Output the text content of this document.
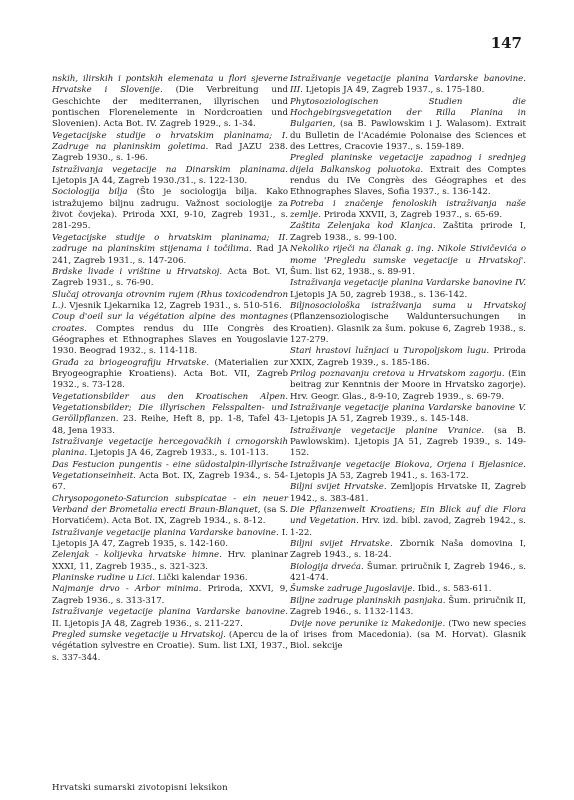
147

nskih, ilirskih i pontskih elemenata u flori sjeverne Hrvatske i Slovenije. (Die Verbreitung und Geschichte der mediterranen, illyrischen und pontischen Florenelemente in Nordcroatien und Slovenien). Acta Bot. IV. Zagreb 1929., s. 1-34.

Vegetacijske studije o hrvatskim planinama; I. Zadruge na planinskim goletima. Rad JAZU 238. Zagreb 1930., s. 1-96.

Istraživanja vegetacije na Dinarskim planinama. Ljetopis JA 44, Zagreb 1930./31., s. 122-130.

Sociologija bilja (Što je sociologija bilja. Kako istražujemo biljnu zadrugu. Važnost sociologije za život čovjeka). Priroda XXI, 9-10, Zagreb 1931., s. 281-295.

Vegetacijske studije o hrvatskim planinama; II. zadruge na planinskim stijenama i točilima. Rad JA 241, Zagreb 1931., s. 147-206.

Brdske livade i vrištine u Hrvatskoj. Acta Bot. VI, Zagreb 1931., s. 76-90.

Slučaj otrovanja otrovnim rujem (Rhus toxicodendron L.). Vjesnik Ljekarnika 12, Zagreb 1931., s. 510-516.

Coup d'oeil sur la végétation alpine des montagnes croates. Comptes rendus du IIIe Congrès des Géographes et Ethnographes Slaves en Yougoslavie 1930. Beograd 1932., s. 114-118.

Građa za briogeografiju Hrvatske. (Materialien zur Bryogeographie Kroatiens). Acta Bot. VII, Zagreb 1932., s. 73-128.

Vegetationsbilder aus den Kroatischen Alpen. Vegetationsbilder; Die illyrischen Felsspalten- und Geröllpflanzen. 23. Reihe, Heft 8, pp. 1-8, Tafel 43-48, Jena 1933.

Istraživanje vegetacije hercegovačkih i crnogorskih planina. Ljetopis JA 46, Zagreb 1933., s. 101-113.

Das Festucion pungentis - eine südostalpin-illyrische Vegetationseinheit. Acta Bot. IX, Zagreb 1934., s. 54-67.

Chrysopogoneto-Saturcion subspicatae - ein neuer Verband der Brometalia erecti Braun-Blanquet, (sa S. Horvatićem). Acta Bot. IX, Zagreb 1934., s. 8-12.

Istraživanje vegetacije planina Vardarske banovine. I. Ljetopis JA 47, Zagreb 1935, s. 142-160.

Zelenjak - kolijevka hrvatske himne. Hrv. planinar XXXI, 11, Zagreb 1935., s. 321-323.

Planinske rudine u Lici. Lički kalendar 1936.

Najmanje drvo - Arbor minima. Priroda, XXVI, 9, Zagreb 1936., s. 313-317.

Istraživanje vegetacije planina Vardarske banovine. II. Ljetopis JA 48, Zagreb 1936., s. 211-227.

Pregled sumske vegetacije u Hrvatskoj. (Apercu de la végétation sylvestre en Croatie). Sum. list LXI, 1937., s. 337-344.

Istraživanje vegetacije planina Vardarske banovine. III. Ljetopis JA 49, Zagreb 1937., s. 175-180.

Phytosoziologischen Studien die Hochgebirgsvegetation der Rilla Planina in Bulgarien, (sa B. Pawlowskim i J. Walasom). Extrait du Bulletin de l'Académie Polonaise des Sciences et des Lettres, Cracovie 1937., s. 159-189.

Pregled planinske vegetacije zapadnog i srednjeg dijela Balkanskog poluotoka. Extrait des Comptes rendus du IVe Congrès des Géographes et des Ethnographes Slaves, Sofia 1937., s. 136-142.

Potreba i značenje fenoloskih istraživanja naše zemlje. Priroda XXVII, 3, Zagreb 1937., s. 65-69.

Zaštita Zelenjaka kod Klanjca. Zaštita prirode I, Zagreb 1938., s. 99-100.

Nekoliko riječi na članak g. ing. Nikole Stivičevića o mome 'Pregledu sumske vegetacije u Hrvatskoj'. Šum. list 62, 1938., s. 89-91.

Istraživanja vegetacije planina Vardarske banovine IV. Ljetopis JA 50, zagreb 1938., s. 136-142.

Biljnosociološka istraživanja suma u Hrvatskoj (Pflanzensoziologische Walduntersuchungen in Kroatien). Glasnik za šum. pokuse 6, Zagreb 1938., s. 127-279.

Stari hrastovi lužnjaci u Turopoljskom lugu. Priroda XXIX, Zagreb 1939., s. 185-186.

Prilog poznavanju cretova u Hrvatskom zagorju. (Ein beitrag zur Kenntnis der Moore in Hrvatsko zagorje). Hrv. Geogr. Glas., 8-9-10, Zagreb 1939., s. 69-79.

Istraživanje vegetacije planina Vardarske banovine V. Ljetopis JA 51, Zagreb 1939., s. 145-148.

Istraživanje vegetacije planine Vranice. (sa B. Pawlowskim). Ljetopis JA 51, Zagreb 1939., s. 149-152.

Istraživanje vegetacije Biokova, Orjena i Bjelasnice. Ljetopis JA 53, Zagreb 1941., s. 163-172.

Biljni svijet Hrvatske. Zemljopis Hrvatske II, Zagreb 1942., s. 383-481.

Die Pflanzenwelt Kroatiens; Ein Blick auf die Flora und Vegetation. Hrv. izd. bibl. zavod, Zagreb 1942., s. 1-22.

Biljni svijet Hrvatske. Zbornik Naša domovina I, Zagreb 1943., s. 18-24.

Biologija drveća. Šumar. priručnik I, Zagreb 1946., s. 421-474.

Šumske zadruge Jugoslavije. Ibid., s. 583-611.

Biljne zadruge planinskih pasnjaka. Šum. priručnik II, Zagreb 1946., s. 1132-1143.

Dvije nove perunike iz Makedonije. (Two new species of irises from Macedonia). (sa M. Horvat). Glasnik Biol. sekcije

Hrvatski sumarski zivotopisni leksikon
